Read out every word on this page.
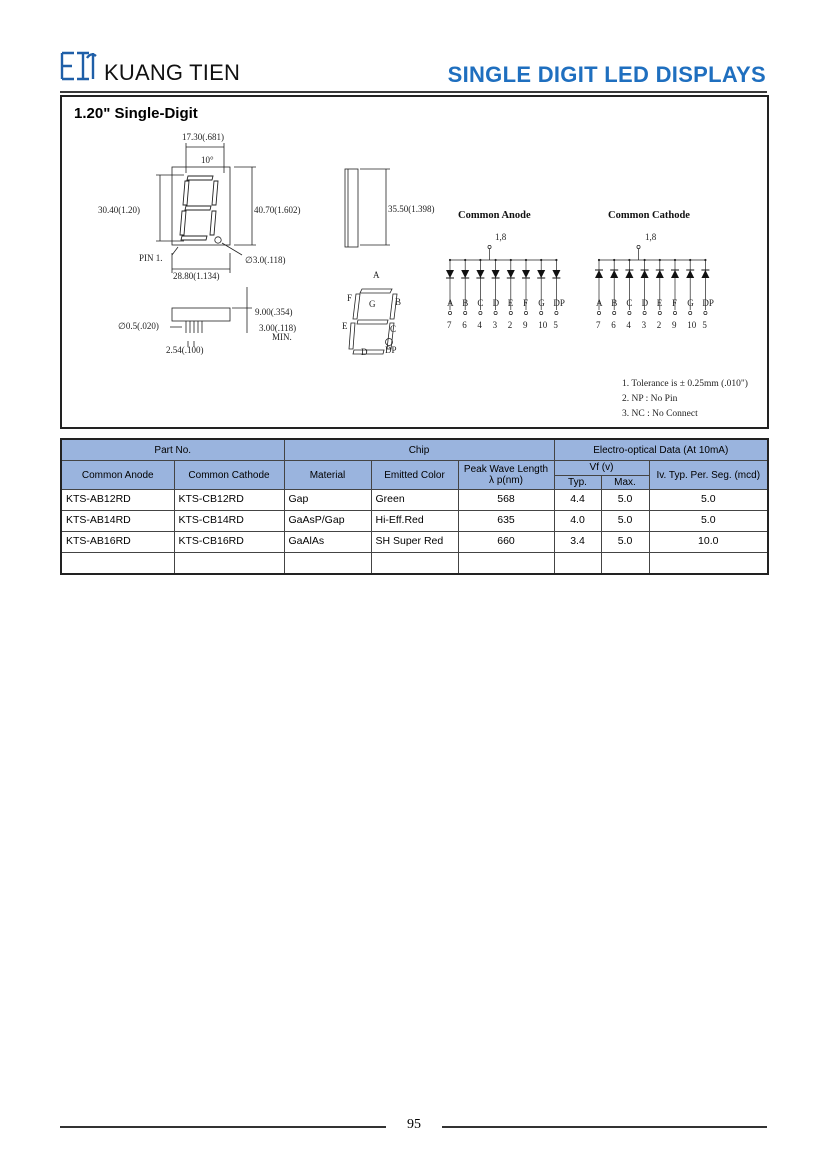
KUANG TIEN	SINGLE DIGIT LED DISPLAYS
1.20" Single-Digit
17.30(.681)
10°
30.40(1.20)	40.70(1.602)
PIN 1.	∅3.0(.118)
28.80(1.134)
35.50(1.398)
9.00(.354)
∅0.5(.020)	3.00(.118)
MIN.
2.54(.100)
A
B
C
D
E
F
G
DP
Common Anode	Common Cathode
1,8	1,8
A
7
B
6
C
4
D
3
E
2
F
9
G
10
DP
5
A
7
B
6
C
4
D
3
E
2
F
9
G
10
DP
5
1. Tolerance is ± 0.25mm (.010")
2. NP : No Pin
3. NC : No Connect
Part No.		Chip			Electro-optical Data (At 10mA)		
Common Anode	Common Cathode	Material	Emitted Color	Peak Wave Length
λ p(nm)	Vf (v)		Iv. Typ. Per. Seg. (mcd)
					Typ.	Max.	
KTS-AB12RD	KTS-CB12RD	Gap	Green	568	4.4	5.0	5.0
KTS-AB14RD	KTS-CB14RD	GaAsP/Gap	Hi-Eff.Red	635	4.0	5.0	5.0
KTS-AB16RD	KTS-CB16RD	GaAlAs	SH Super Red	660	3.4	5.0	10.0

95
